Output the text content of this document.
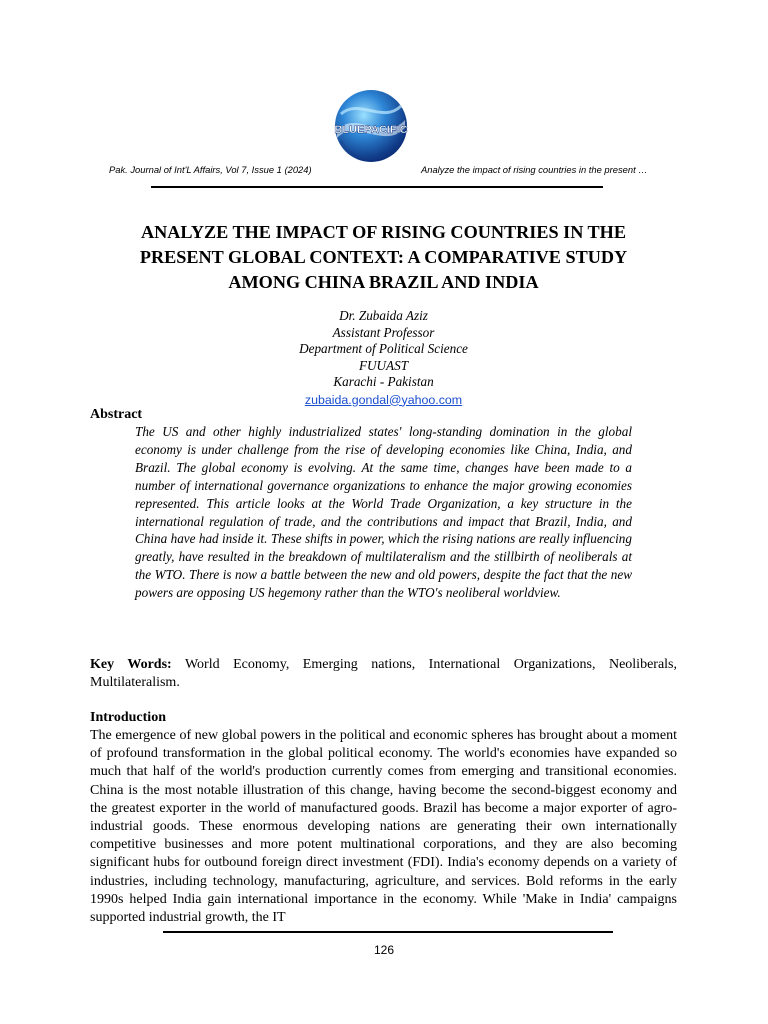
BLUEPACIFIC
RESEARCH & INNOVATION SERVICES
Pak. Journal of Int'L Affairs, Vol 7, Issue 1 (2024)	Analyze the impact of rising countries in the present …
ANALYZE THE IMPACT OF RISING COUNTRIES IN THE
PRESENT GLOBAL CONTEXT: A COMPARATIVE STUDY
AMONG CHINA BRAZIL AND INDIA
Dr. Zubaida Aziz
Assistant Professor
Department of Political Science
FUUAST
Karachi - Pakistan
zubaida.gondal@yahoo.com
Abstract

The US and other highly industrialized states' long-standing domination in the global economy is under challenge from the rise of developing economies like China, India, and Brazil. The global economy is evolving. At the same time, changes have been made to a number of international governance organizations to enhance the major growing economies represented. This article looks at the World Trade Organization, a key structure in the international regulation of trade, and the contributions and impact that Brazil, India, and China have had inside it. These shifts in power, which the rising nations are really influencing greatly, have resulted in the breakdown of multilateralism and the stillbirth of neoliberals at the WTO. There is now a battle between the new and old powers, despite the fact that the new powers are opposing US hegemony rather than the WTO's neoliberal worldview.

Key Words: World Economy, Emerging nations, International Organizations, Neoliberals, Multilateralism.

Introduction

The emergence of new global powers in the political and economic spheres has brought about a moment of profound transformation in the global political economy. The world's economies have expanded so much that half of the world's production currently comes from emerging and transitional economies. China is the most notable illustration of this change, having become the second-biggest economy and the greatest exporter in the world of manufactured goods. Brazil has become a major exporter of agro-industrial goods. These enormous developing nations are generating their own internationally competitive businesses and more potent multinational corporations, and they are also becoming significant hubs for outbound foreign direct investment (FDI). India's economy depends on a variety of industries, including technology, manufacturing, agriculture, and services. Bold reforms in the early 1990s helped India gain international importance in the economy. While 'Make in India' campaigns supported industrial growth, the IT

126
